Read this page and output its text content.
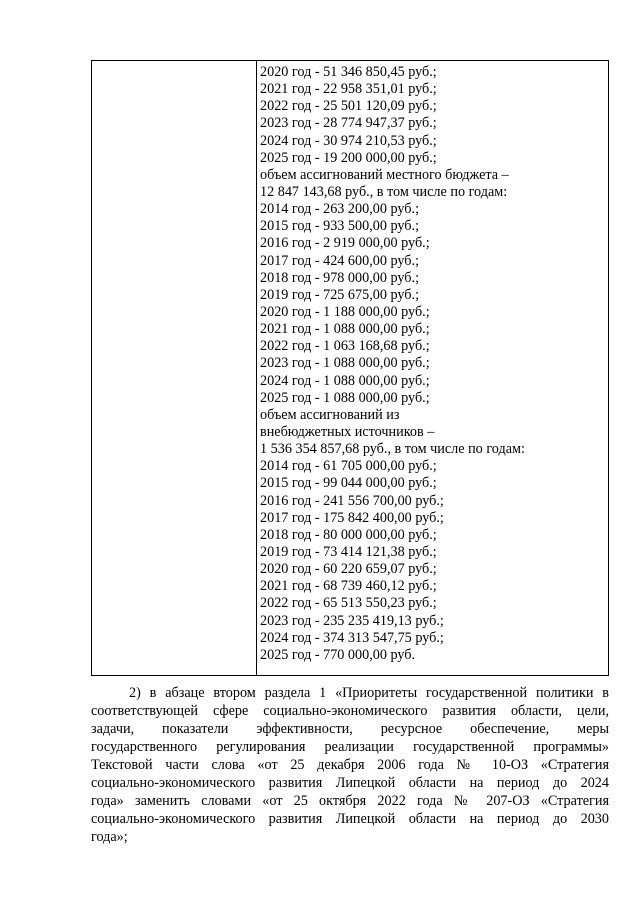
2020 год - 51 346 850,45 руб.;
2021 год - 22 958 351,01 руб.;
2022 год - 25 501 120,09 руб.;
2023 год - 28 774 947,37 руб.;
2024 год - 30 974 210,53 руб.;
2025 год - 19 200 000,00 руб.;
объем ассигнований местного бюджета –
12 847 143,68 руб., в том числе по годам:
2014 год - 263 200,00 руб.;
2015 год - 933 500,00 руб.;
2016 год - 2 919 000,00 руб.;
2017 год - 424 600,00 руб.;
2018 год - 978 000,00 руб.;
2019 год - 725 675,00 руб.;
2020 год - 1 188 000,00 руб.;
2021 год - 1 088 000,00 руб.;
2022 год - 1 063 168,68 руб.;
2023 год - 1 088 000,00 руб.;
2024 год - 1 088 000,00 руб.;
2025 год - 1 088 000,00 руб.;
объем ассигнований из
внебюджетных источников –
1 536 354 857,68 руб., в том числе по годам:
2014 год - 61 705 000,00 руб.;
2015 год - 99 044 000,00 руб.;
2016 год - 241 556 700,00 руб.;
2017 год - 175 842 400,00 руб.;
2018 год - 80 000 000,00 руб.;
2019 год - 73 414 121,38 руб.;
2020 год - 60 220 659,07 руб.;
2021 год - 68 739 460,12 руб.;
2022 год - 65 513 550,23 руб.;
2023 год - 235 235 419,13 руб.;
2024 год - 374 313 547,75 руб.;
2025 год - 770 000,00 руб.
2) в абзаце втором раздела 1 «Приоритеты государственной политики в
соответствующей сфере социально-экономического развития области, цели,
задачи, показатели эффективности, ресурсное обеспечение, меры
государственного регулирования реализации государственной программы»
Текстовой части слова «от 25 декабря 2006 года № 10-ОЗ «Стратегия
социально-экономического развития Липецкой области на период до 2024
года» заменить словами «от 25 октября 2022 года № 207-ОЗ «Стратегия
социально-экономического развития Липецкой области на период до 2030
года»;
